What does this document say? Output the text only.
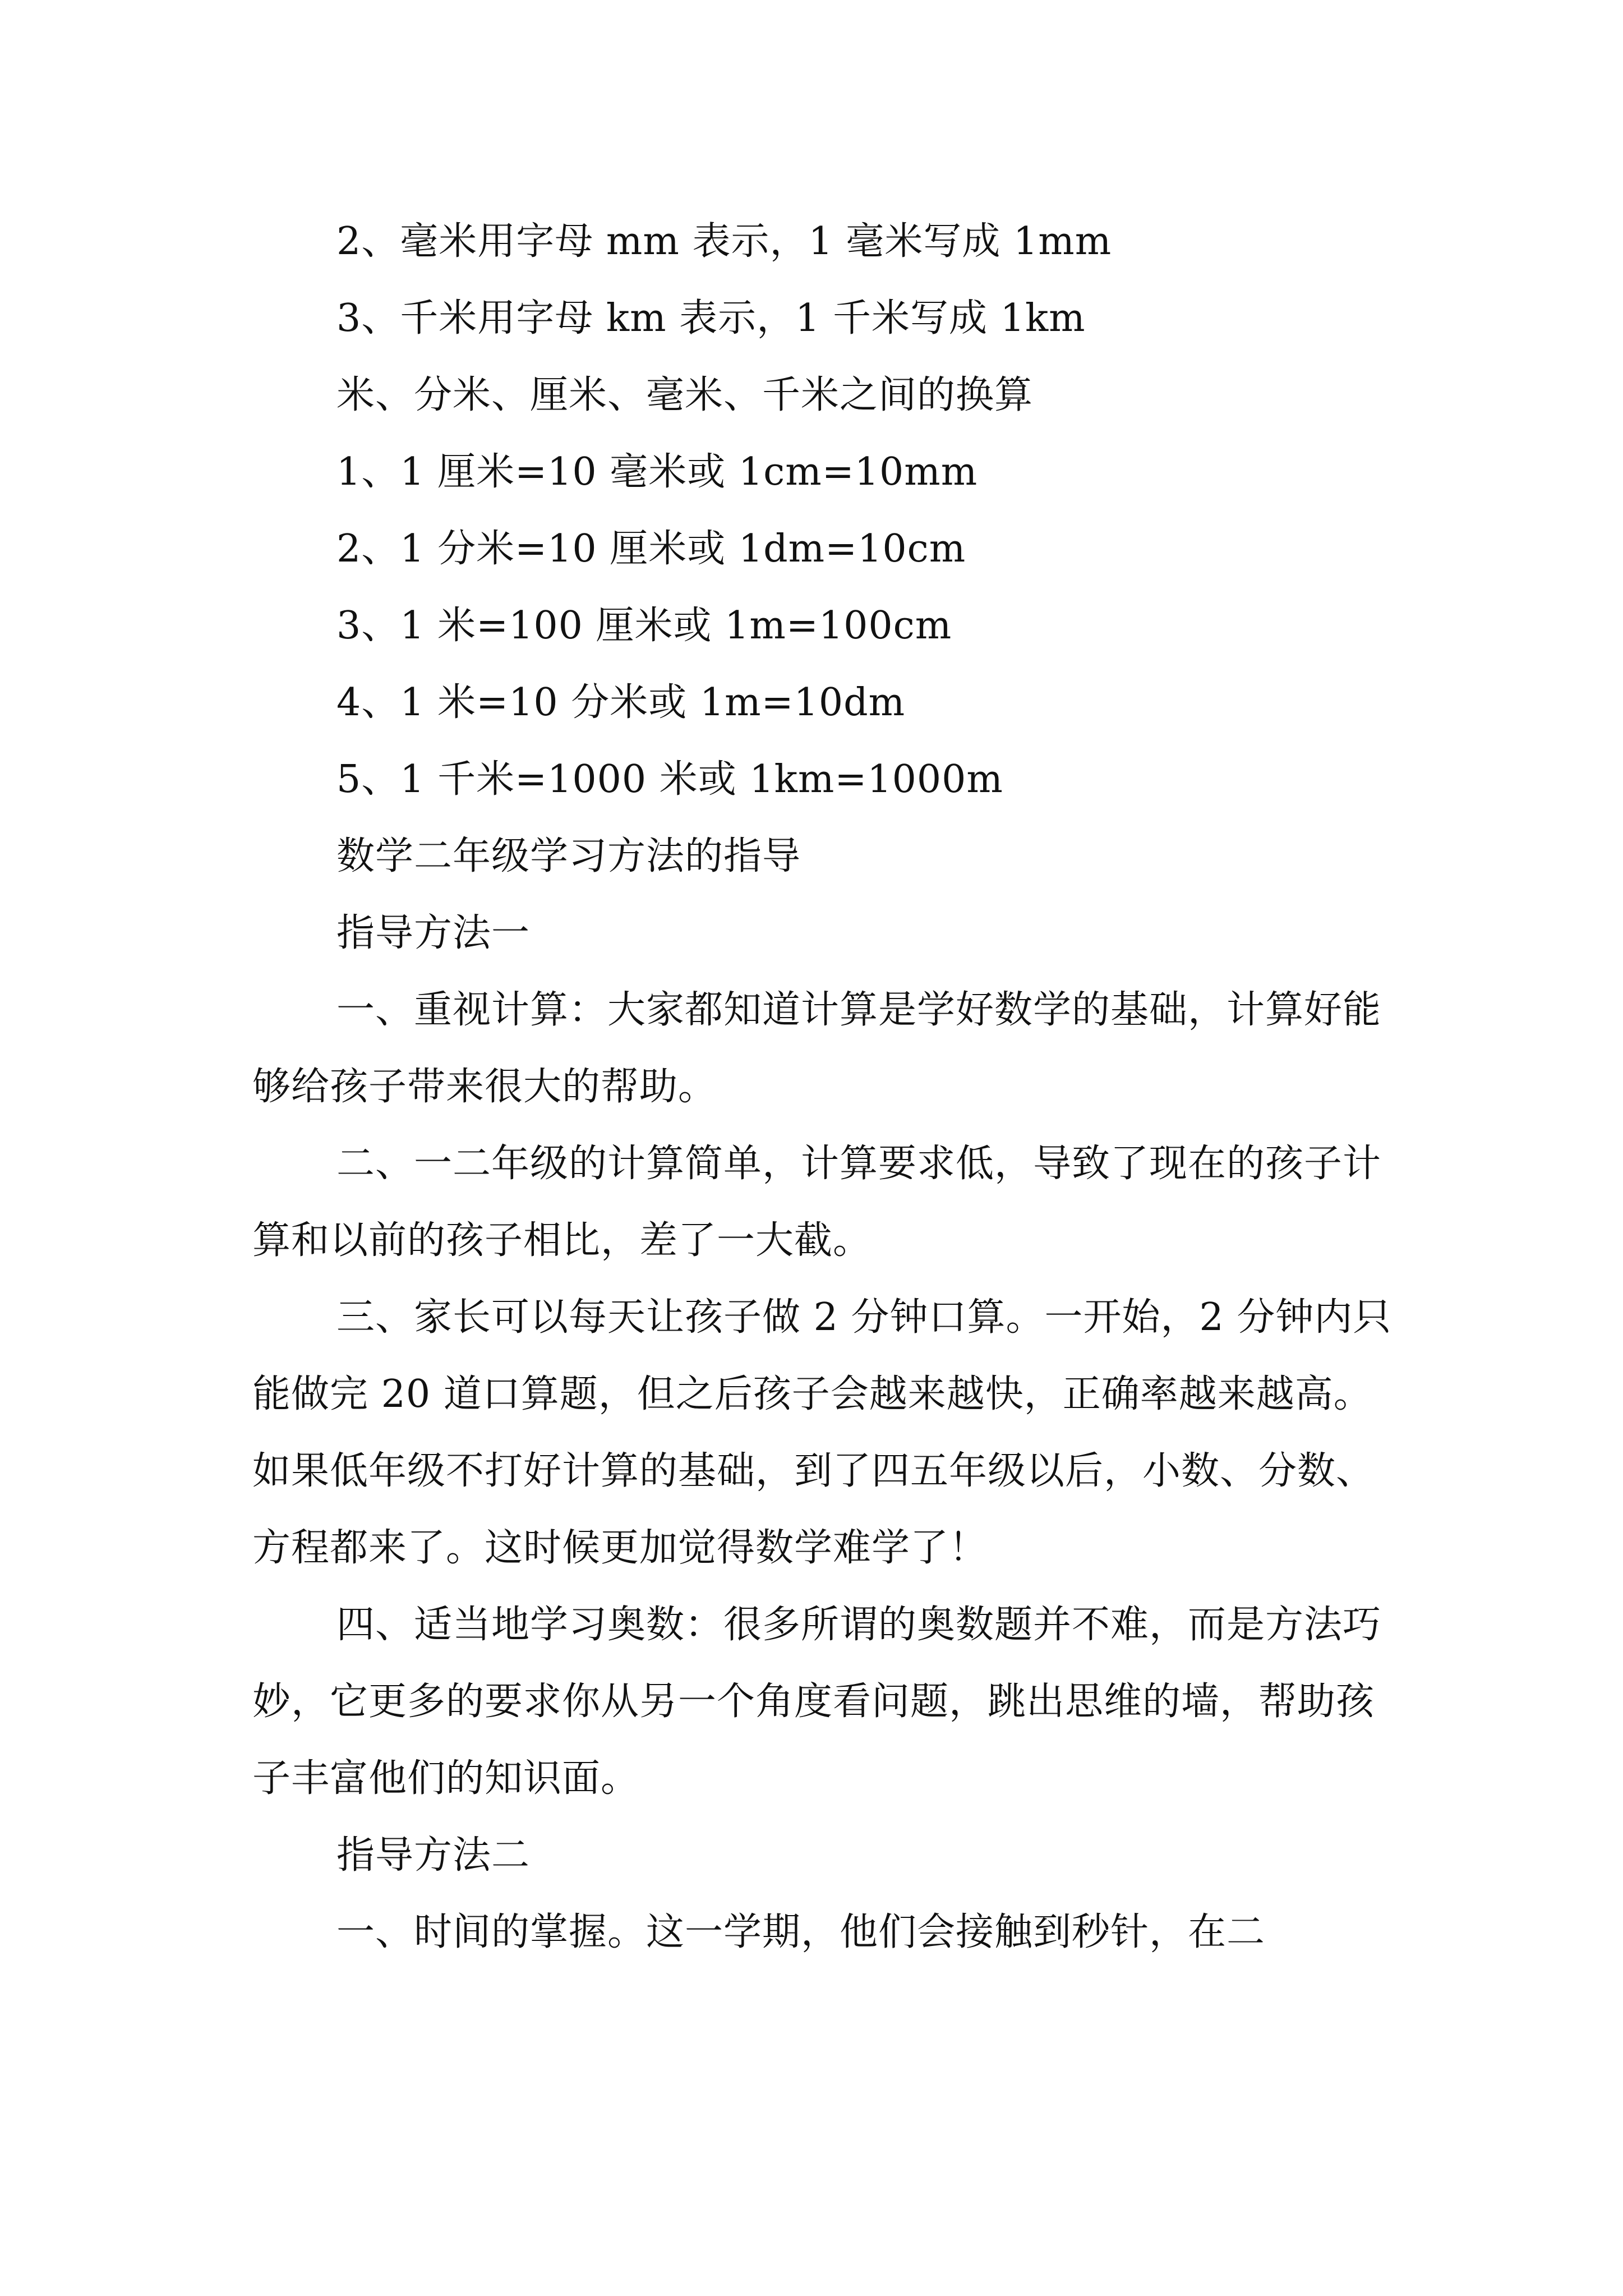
2、毫米用字母 mm 表示，1 毫米写成 1mm

3、千米用字母 km 表示，1 千米写成 1km

米、分米、厘米、毫米、千米之间的换算

1、1 厘米=10 毫米或 1cm=10mm

2、1 分米=10 厘米或 1dm=10cm

3、1 米=100 厘米或 1m=100cm

4、1 米=10 分米或 1m=10dm

5、1 千米=1000 米或 1km=1000m

数学二年级学习方法的指导

指导方法一

一、重视计算：大家都知道计算是学好数学的基础，计算好能够给孩子带来很大的帮助。

二、一二年级的计算简单，计算要求低，导致了现在的孩子计算和以前的孩子相比，差了一大截。

三、家长可以每天让孩子做 2 分钟口算。一开始，2 分钟内只能做完 20 道口算题，但之后孩子会越来越快，正确率越来越高。如果低年级不打好计算的基础，到了四五年级以后，小数、分数、方程都来了。这时候更加觉得数学难学了！

四、适当地学习奥数：很多所谓的奥数题并不难，而是方法巧妙，它更多的要求你从另一个角度看问题，跳出思维的墙，帮助孩子丰富他们的知识面。

指导方法二

一、时间的掌握。这一学期，他们会接触到秒针，在二
